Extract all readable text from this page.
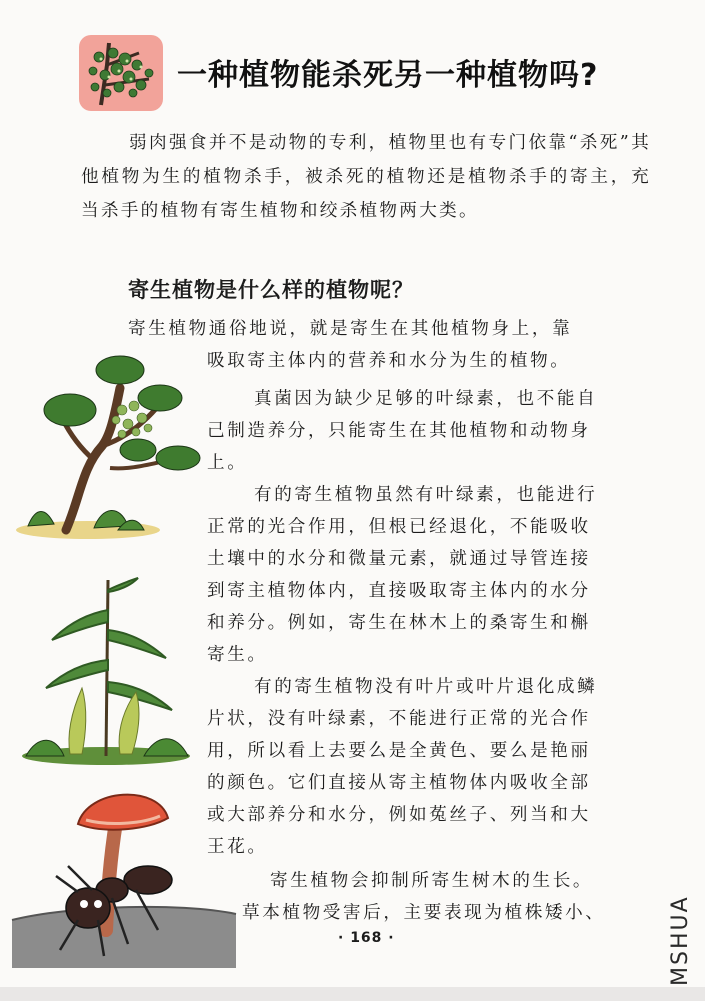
一种植物能杀死另一种植物吗?

弱肉强食并不是动物的专利，植物里也有专门依靠“杀死”其他植物为生的植物杀手，被杀死的植物还是植物杀手的寄主，充当杀手的植物有寄生植物和绞杀植物两大类。

寄生植物是什么样的植物呢？
寄生植物通俗地说，就是寄生在其他植物身上，靠
吸取寄主体内的营养和水分为生的植物。
真菌因为缺少足够的叶绿素，也不能自
己制造养分，只能寄生在其他植物和动物身
上。
有的寄生植物虽然有叶绿素，也能进行
正常的光合作用，但根已经退化，不能吸收
土壤中的水分和微量元素，就通过导管连接
到寄主植物体内，直接吸取寄主体内的水分
和养分。例如，寄生在林木上的桑寄生和槲
寄生。
有的寄生植物没有叶片或叶片退化成鳞
片状，没有叶绿素，不能进行正常的光合作
用，所以看上去要么是全黄色、要么是艳丽
的颜色。它们直接从寄主植物体内吸收全部
或大部养分和水分，例如菟丝子、列当和大
王花。
寄生植物会抑制所寄生树木的生长。
草本植物受害后，主要表现为植株矮小、
· 168 ·	MSHUA
